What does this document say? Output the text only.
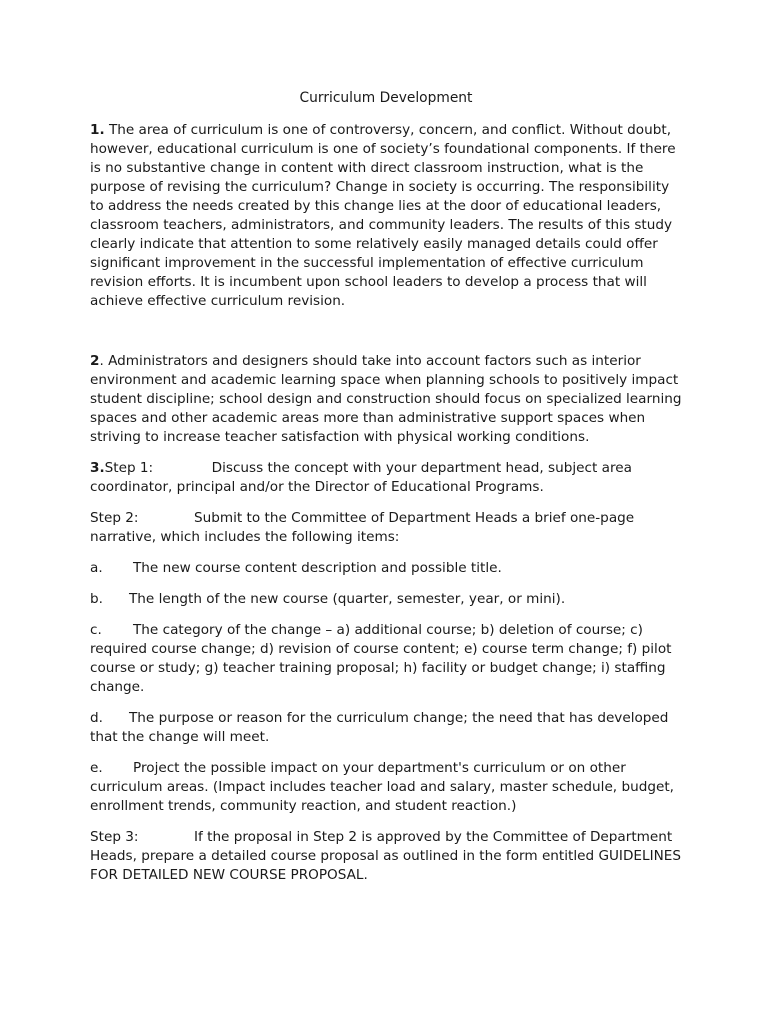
Curriculum Development

1. The area of curriculum is one of controversy, concern, and conflict. Without doubt, however, educational curriculum is one of society’s foundational components. If there is no substantive change in content with direct classroom instruction, what is the purpose of revising the curriculum? Change in society is occurring. The responsibility to address the needs created by this change lies at the door of educational leaders, classroom teachers, administrators, and community leaders. The results of this study clearly indicate that attention to some relatively easily managed details could offer significant improvement in the successful implementation of effective curriculum revision efforts. It is incumbent upon school leaders to develop a process that will achieve effective curriculum revision.

2. Administrators and designers should take into account factors such as interior environment and academic learning space when planning schools to positively impact student discipline; school design and construction should focus on specialized learning spaces and other academic areas more than administrative support spaces when striving to increase teacher satisfaction with physical working conditions.

3.Step 1:	Discuss the concept with your department head, subject area coordinator, principal and/or the Director of Educational Programs.

Step 2:	Submit to the Committee of Department Heads a brief one-page narrative, which includes the following items:

a. The new course content description and possible title.

b. The length of the new course (quarter, semester, year, or mini).

c. The category of the change – a) additional course; b) deletion of course; c) required course change; d) revision of course content; e) course term change; f) pilot course or study; g) teacher training proposal; h) facility or budget change; i) staffing change.

d. The purpose or reason for the curriculum change; the need that has developed that the change will meet.

e. Project the possible impact on your department's curriculum or on other curriculum areas. (Impact includes teacher load and salary, master schedule, budget, enrollment trends, community reaction, and student reaction.)

Step 3:	If the proposal in Step 2 is approved by the Committee of Department Heads, prepare a detailed course proposal as outlined in the form entitled GUIDELINES FOR DETAILED NEW COURSE PROPOSAL.
